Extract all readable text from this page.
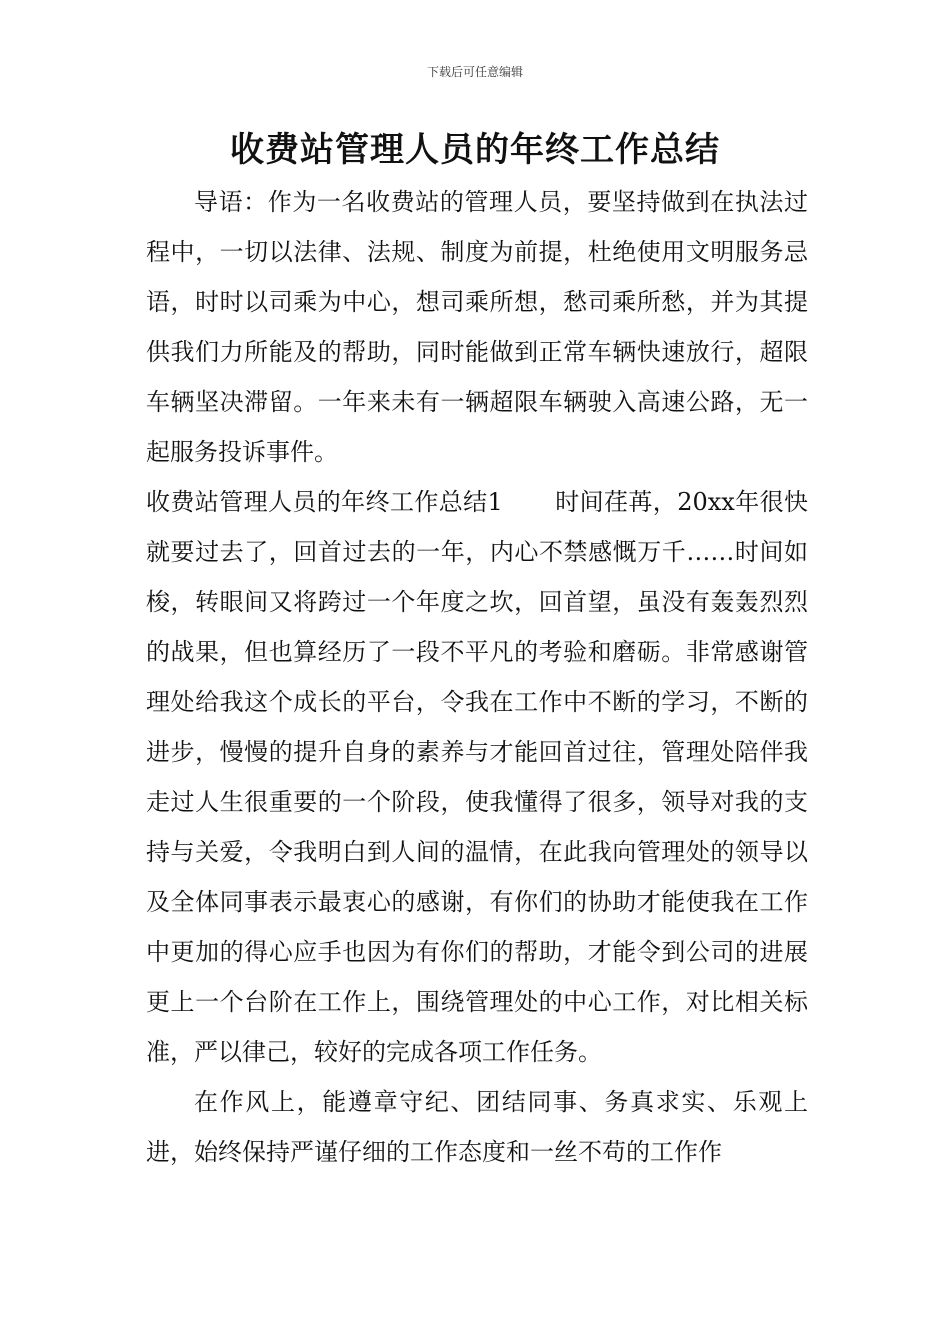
下载后可任意编辑
收费站管理人员的年终工作总结

导语：作为一名收费站的管理人员，要坚持做到在执法过程中，一切以法律、法规、制度为前提，杜绝使用文明服务忌语，时时以司乘为中心，想司乘所想，愁司乘所愁，并为其提供我们力所能及的帮助，同时能做到正常车辆快速放行，超限车辆坚决滞留。一年来未有一辆超限车辆驶入高速公路，无一起服务投诉事件。

收费站管理人员的年终工作总结1 时间荏苒，20xx年很快就要过去了，回首过去的一年，内心不禁感慨万千……时间如梭，转眼间又将跨过一个年度之坎，回首望，虽没有轰轰烈烈的战果，但也算经历了一段不平凡的考验和磨砺。非常感谢管理处给我这个成长的平台，令我在工作中不断的学习，不断的进步，慢慢的提升自身的素养与才能回首过往，管理处陪伴我走过人生很重要的一个阶段，使我懂得了很多，领导对我的支持与关爱，令我明白到人间的温情，在此我向管理处的领导以及全体同事表示最衷心的感谢，有你们的协助才能使我在工作中更加的得心应手也因为有你们的帮助，才能令到公司的进展更上一个台阶在工作上，围绕管理处的中心工作，对比相关标准，严以律己，较好的完成各项工作任务。

在作风上，能遵章守纪、团结同事、务真求实、乐观上进，始终保持严谨仔细的工作态度和一丝不苟的工作作
